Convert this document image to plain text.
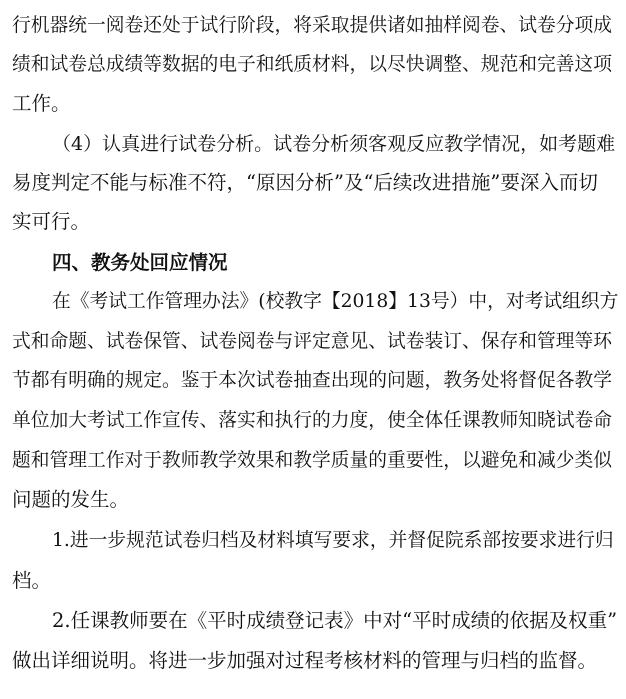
行机器统一阅卷还处于试行阶段，将采取提供诸如抽样阅卷、试卷分项成
绩和试卷总成绩等数据的电子和纸质材料，以尽快调整、规范和完善这项
工作。
（4）认真进行试卷分析。试卷分析须客观反应教学情况，如考题难
易度判定不能与标准不符，“原因分析”及“后续改进措施”要深入而切
实可行。
四、教务处回应情况
在《考试工作管理办法》(校教字【2018】13号）中，对考试组织方
式和命题、试卷保管、试卷阅卷与评定意见、试卷装订、保存和管理等环
节都有明确的规定。鉴于本次试卷抽查出现的问题，教务处将督促各教学
单位加大考试工作宣传、落实和执行的力度，使全体任课教师知晓试卷命
题和管理工作对于教师教学效果和教学质量的重要性，以避免和减少类似
问题的发生。
1.进一步规范试卷归档及材料填写要求，并督促院系部按要求进行归
档。
2.任课教师要在《平时成绩登记表》中对“平时成绩的依据及权重”
做出详细说明。将进一步加强对过程考核材料的管理与归档的监督。
